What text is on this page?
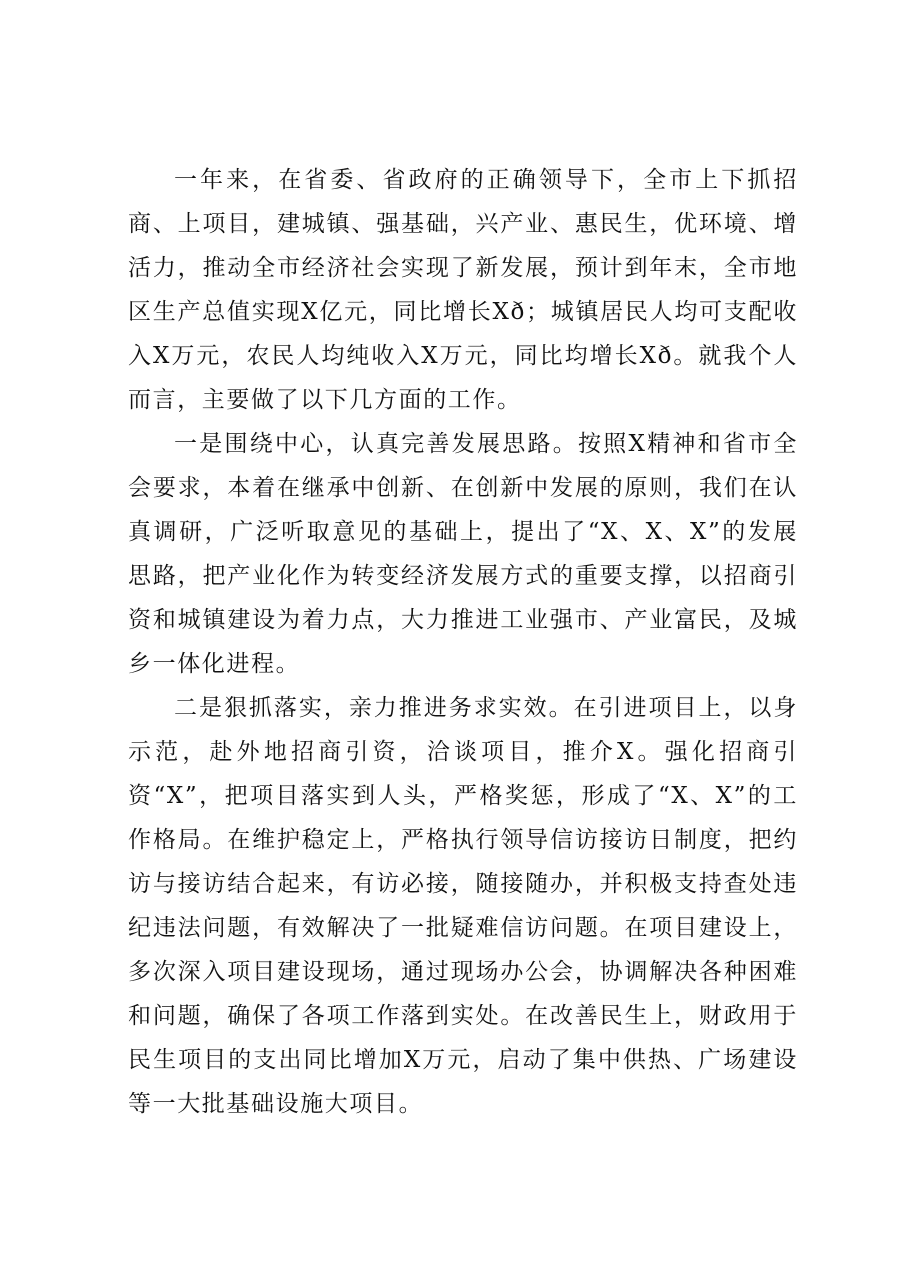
一年来，在省委、省政府的正确领导下，全市上下抓招商、上项目，建城镇、强基础，兴产业、惠民生，优环境、增活力，推动全市经济社会实现了新发展，预计到年末，全市地区生产总值实现X亿元，同比增长Xð；城镇居民人均可支配收入X万元，农民人均纯收入X万元，同比均增长Xð。就我个人而言，主要做了以下几方面的工作。

一是围绕中心，认真完善发展思路。按照X精神和省市全会要求，本着在继承中创新、在创新中发展的原则，我们在认真调研，广泛听取意见的基础上，提出了“X、X、X”的发展思路，把产业化作为转变经济发展方式的重要支撑，以招商引资和城镇建设为着力点，大力推进工业强市、产业富民，及城乡一体化进程。

二是狠抓落实，亲力推进务求实效。在引进项目上，以身示范，赴外地招商引资，洽谈项目，推介X。强化招商引资“X”，把项目落实到人头，严格奖惩，形成了“X、X”的工作格局。在维护稳定上，严格执行领导信访接访日制度，把约访与接访结合起来，有访必接，随接随办，并积极支持查处违纪违法问题，有效解决了一批疑难信访问题。在项目建设上，多次深入项目建设现场，通过现场办公会，协调解决各种困难和问题，确保了各项工作落到实处。在改善民生上，财政用于民生项目的支出同比增加X万元，启动了集中供热、广场建设等一大批基础设施大项目。
